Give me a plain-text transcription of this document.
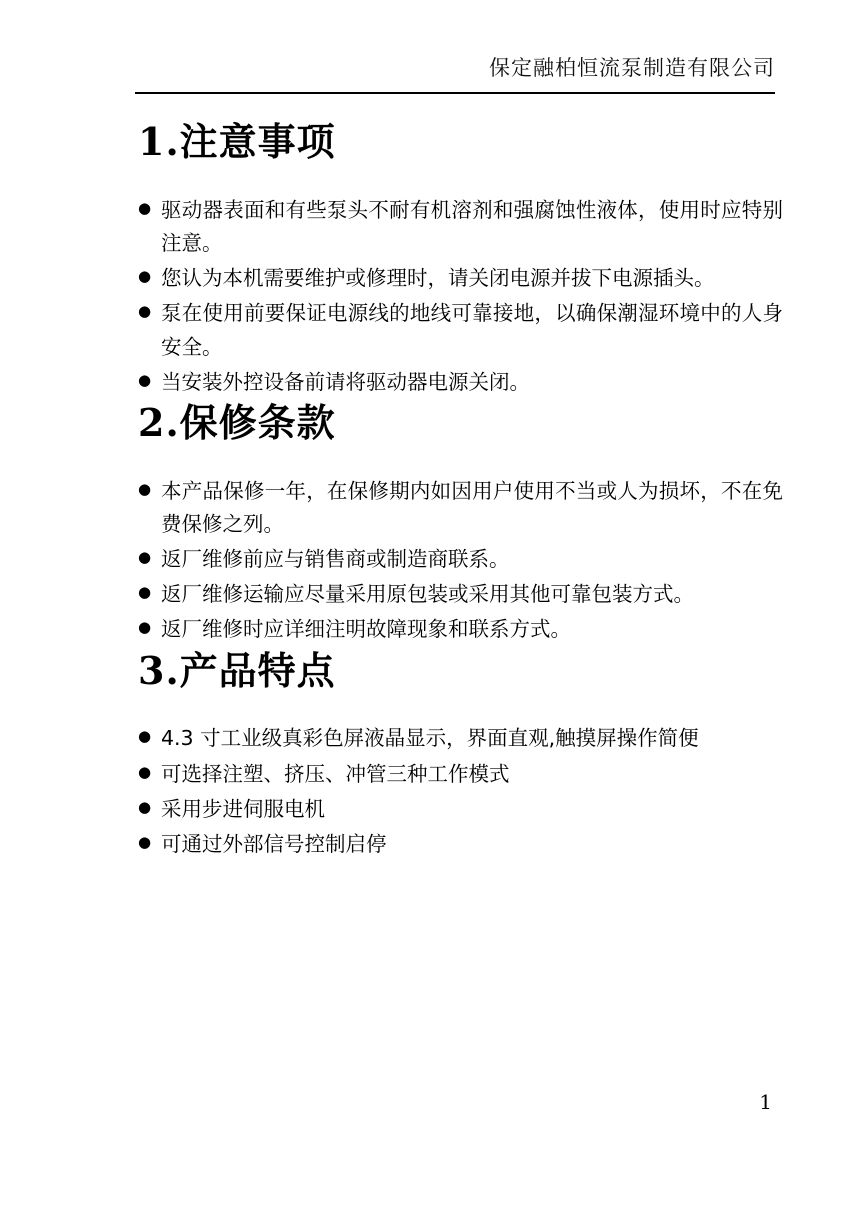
保定融柏恒流泵制造有限公司
1.注意事项
● 驱动器表面和有些泵头不耐有机溶剂和强腐蚀性液体，使用时应特别注意。
● 您认为本机需要维护或修理时，请关闭电源并拔下电源插头。
● 泵在使用前要保证电源线的地线可靠接地，以确保潮湿环境中的人身安全。
● 当安装外控设备前请将驱动器电源关闭。
2.保修条款
● 本产品保修一年，在保修期内如因用户使用不当或人为损坏，不在免费保修之列。
● 返厂维修前应与销售商或制造商联系。
● 返厂维修运输应尽量采用原包装或采用其他可靠包装方式。
● 返厂维修时应详细注明故障现象和联系方式。
3.产品特点
● 4.3 寸工业级真彩色屏液晶显示，界面直观,触摸屏操作简便
● 可选择注塑、挤压、冲管三种工作模式
● 采用步进伺服电机
● 可通过外部信号控制启停
1
